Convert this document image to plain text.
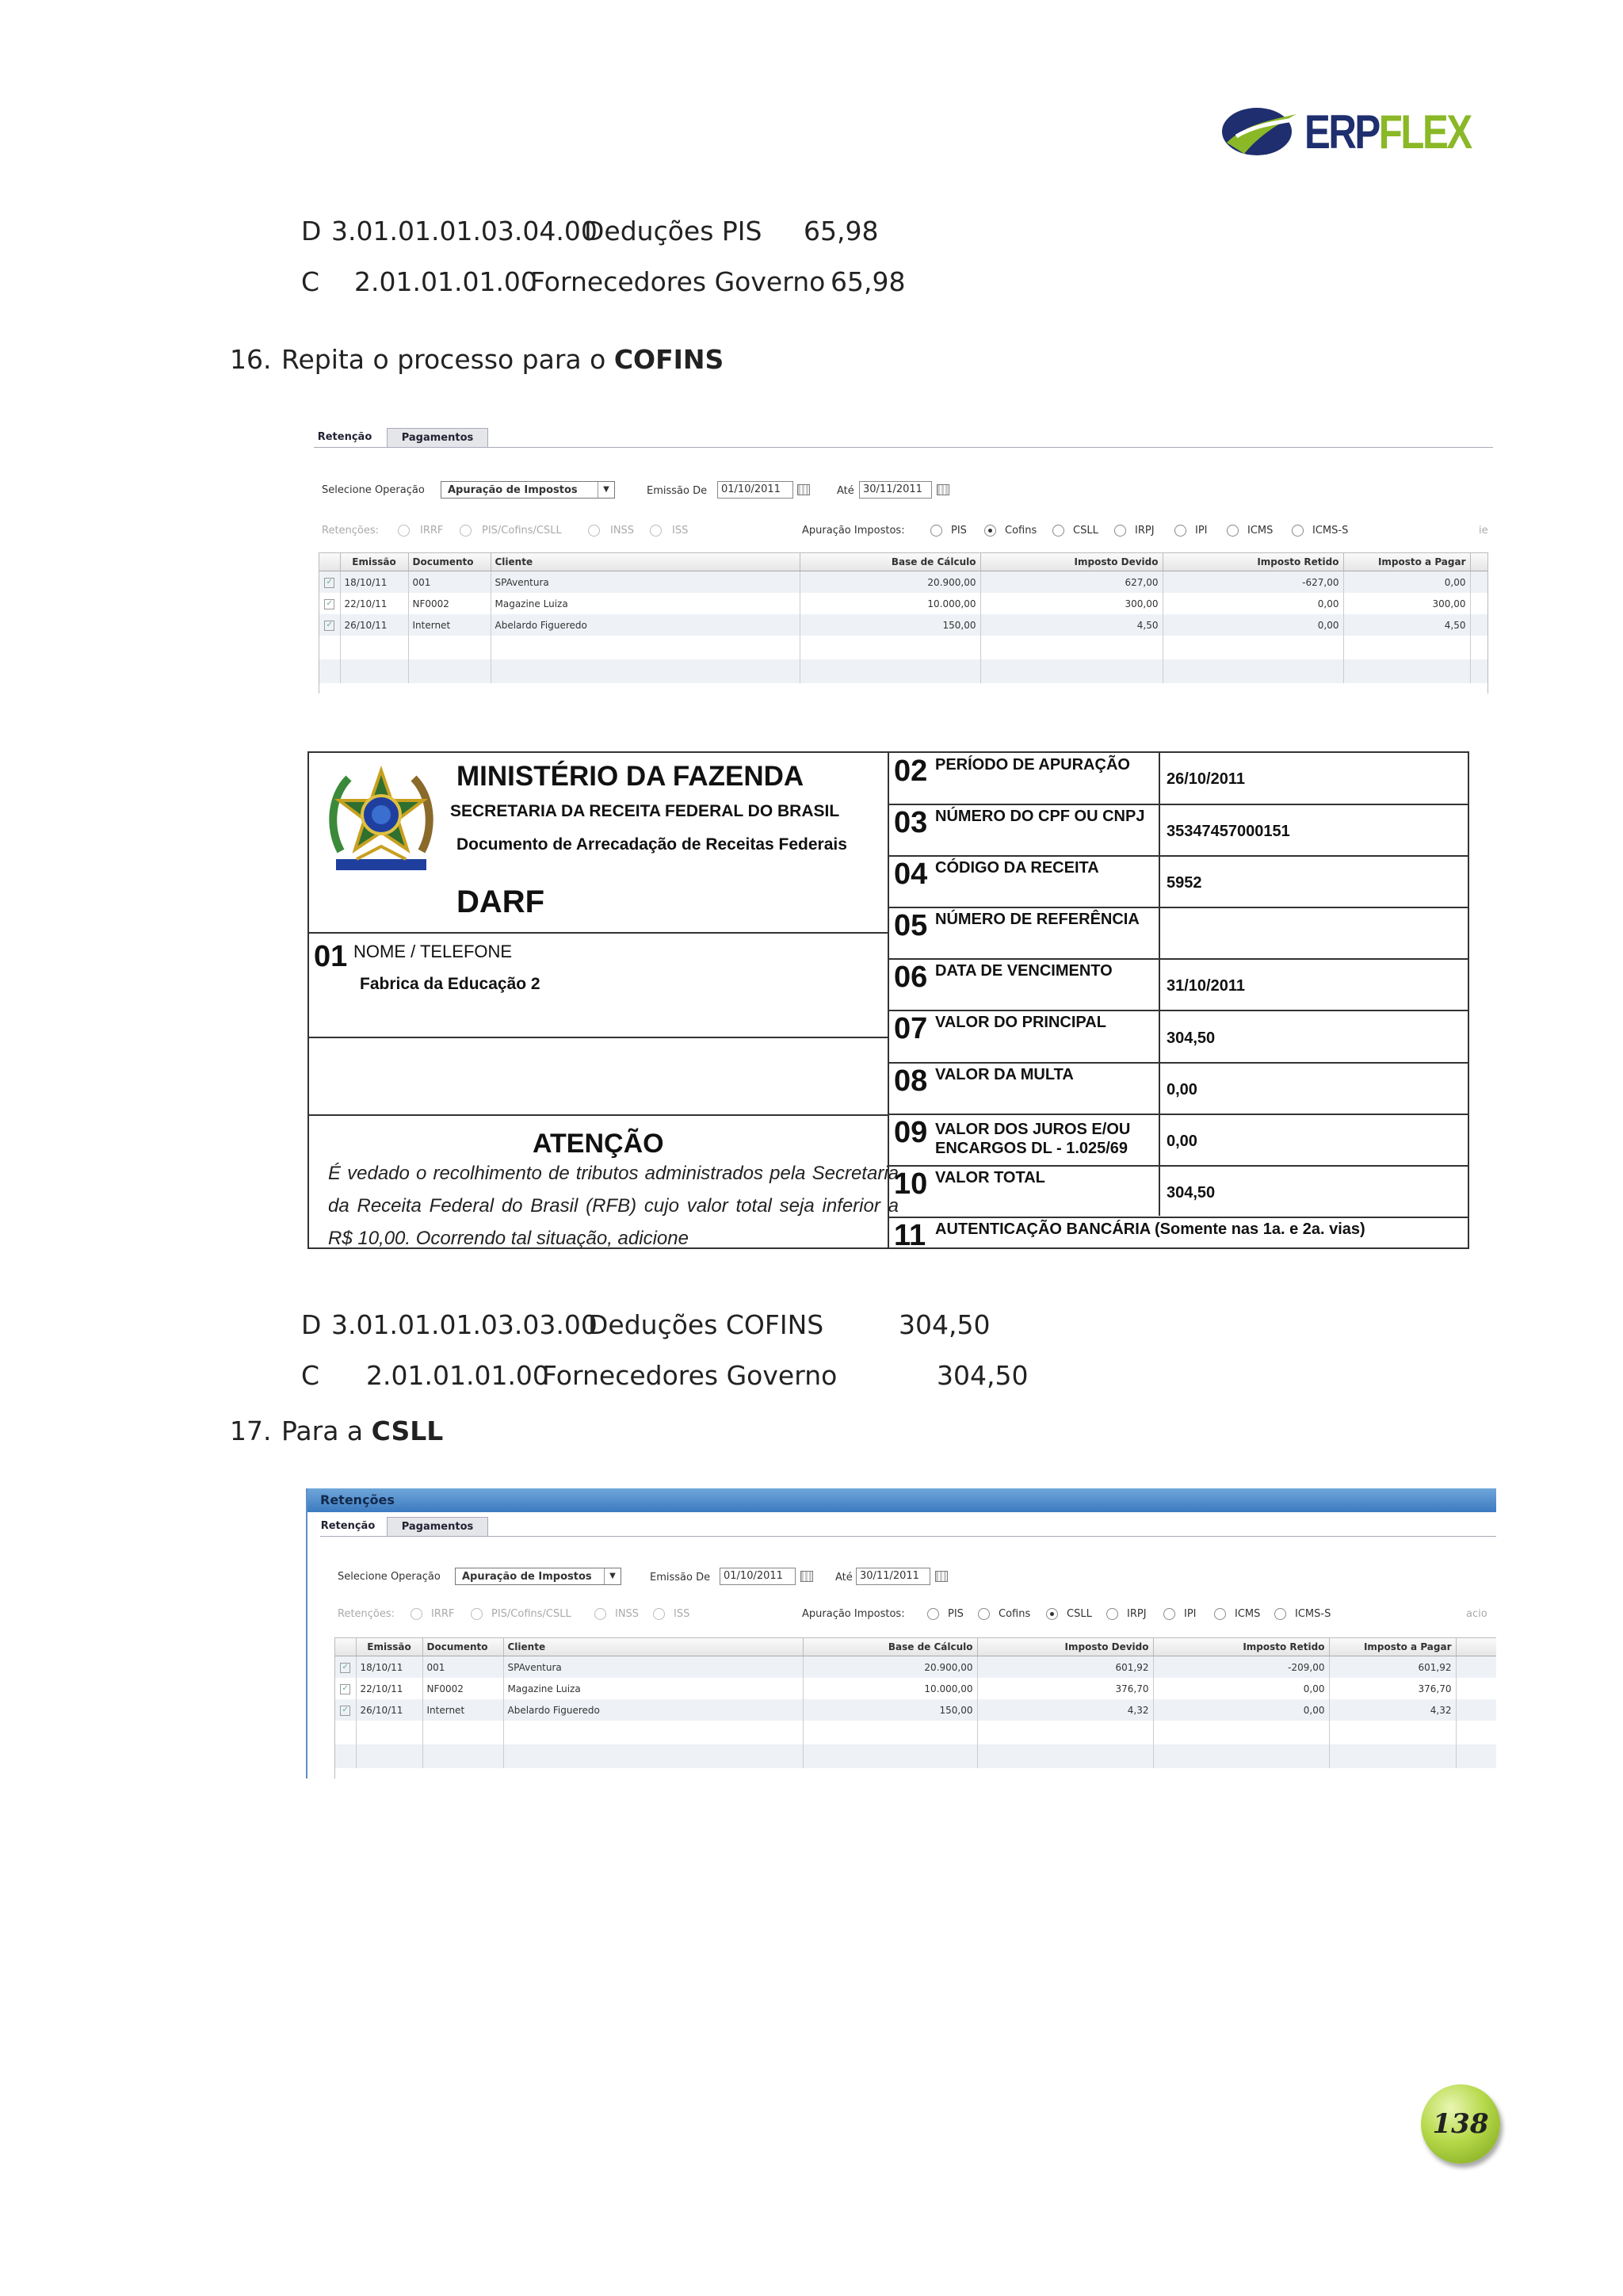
ERPFLEX
D 3.01.01.01.03.04.00
Deduções PIS 65,98
C 2.01.01.01.00
Fornecedores Governo 65,98
16. Repita o processo para o COFINS
Retenção	Pagamentos
Selecione Operação	Apuração de Impostos	▼	Emissão De	01/10/2011	Até 30/11/2011
Retenções:	IRRF	PIS/Cofins/CSLL	INSS	ISS	Apuração Impostos:	PIS	Cofins	CSLL	IRPJ	IPI	ICMS	ICMS-S	ie
	Emissão	Documento	Cliente	Base de Cálculo	Imposto Devido	Imposto Retido	Imposto a Pagar	
✓	18/10/11	001	SPAventura	20.900,00	627,00	-627,00	0,00	
✓	22/10/11	NF0002	Magazine Luiza	10.000,00	300,00	0,00	300,00	
✓	26/10/11	Internet	Abelardo Figueredo	150,00	4,50	0,00	4,50	

MINISTÉRIO DA FAZENDA
SECRETARIA DA RECEITA FEDERAL DO BRASIL
Documento de Arrecadação de Receitas Federais
DARF
01 NOME / TELEFONE
Fabrica da Educação 2
ATENÇÃO
É vedado o recolhimento de tributos administrados pela Secretaria da Receita Federal do Brasil (RFB) cujo valor total seja inferior a R$ 10,00. Ocorrendo tal situação, adicione
02 PERÍODO DE APURAÇÃO
26/10/2011
03 NÚMERO DO CPF OU CNPJ
35347457000151
04 CÓDIGO DA RECEITA
5952
05 NÚMERO DE REFERÊNCIA
06 DATA DE VENCIMENTO
31/10/2011
07 VALOR DO PRINCIPAL
304,50
08 VALOR DA MULTA
0,00
09 VALOR DOS JUROS E/OU
ENCARGOS DL - 1.025/69 0,00
10 VALOR TOTAL
304,50
11 AUTENTICAÇÃO BANCÁRIA (Somente nas 1a. e 2a. vias)
D 3.01.01.01.03.03.00
Deduções COFINS	304,50
C 2.01.01.01.00
Fornecedores Governo	304,50
17. Para a CSLL
Retenções
Retenção	Pagamentos
Selecione Operação	Apuração de Impostos	▼	Emissão De	01/10/2011	Até 30/11/2011
Retenções:	IRRF	PIS/Cofins/CSLL	INSS	ISS	Apuração Impostos:	PIS	Cofins	CSLL	IRPJ	IPI	ICMS	ICMS-S	acio
	Emissão	Documento	Cliente	Base de Cálculo	Imposto Devido	Imposto Retido	Imposto a Pagar	
✓	18/10/11	001	SPAventura	20.900,00	601,92	-209,00	601,92	
✓	22/10/11	NF0002	Magazine Luiza	10.000,00	376,70	0,00	376,70	
✓	26/10/11	Internet	Abelardo Figueredo	150,00	4,32	0,00	4,32	

138
